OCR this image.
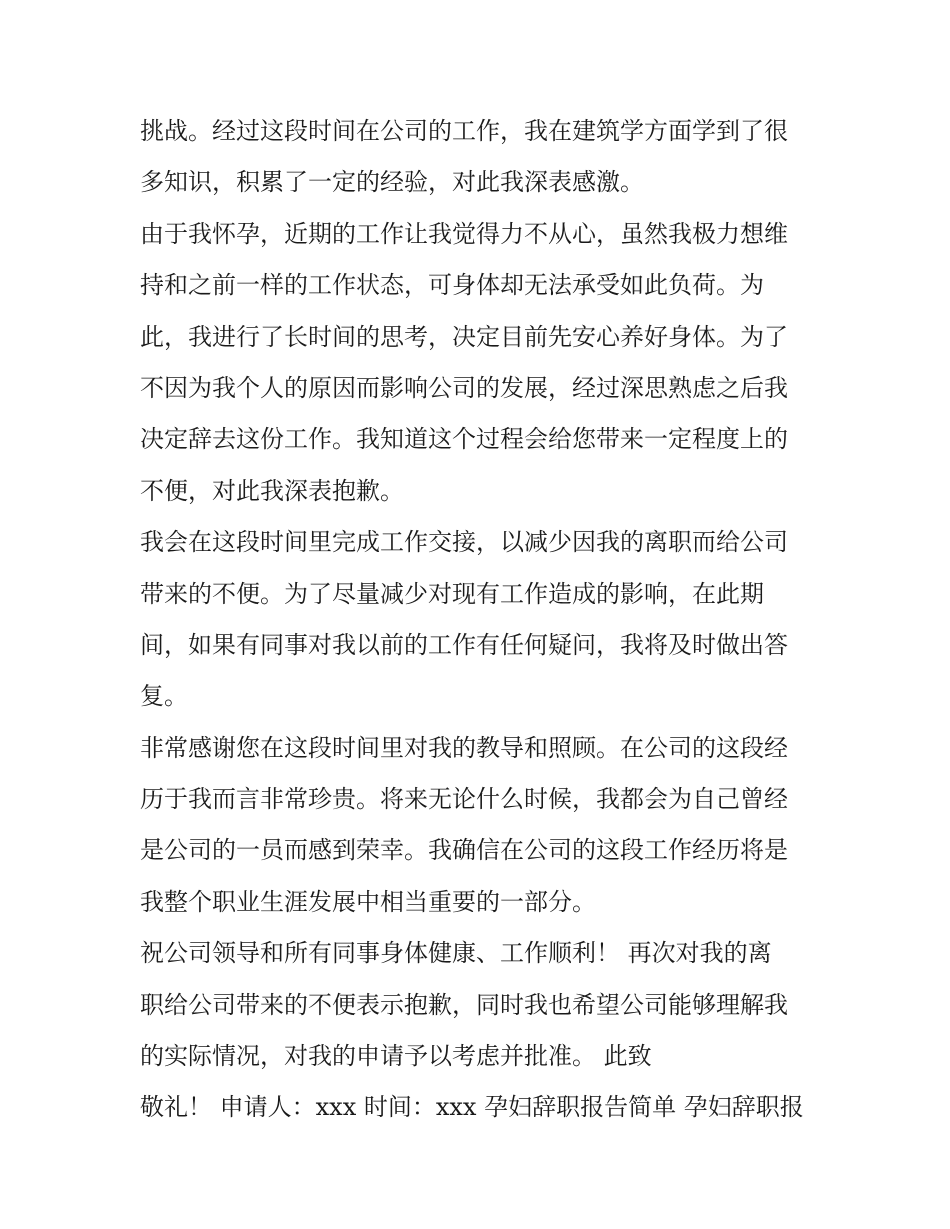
挑战。经过这段时间在公司的工作，我在建筑学方面学到了很
多知识，积累了一定的经验，对此我深表感激。
由于我怀孕，近期的工作让我觉得力不从心，虽然我极力想维
持和之前一样的工作状态，可身体却无法承受如此负荷。为
此，我进行了长时间的思考，决定目前先安心养好身体。为了
不因为我个人的原因而影响公司的发展，经过深思熟虑之后我
决定辞去这份工作。我知道这个过程会给您带来一定程度上的
不便，对此我深表抱歉。
我会在这段时间里完成工作交接，以减少因我的离职而给公司
带来的不便。为了尽量减少对现有工作造成的影响，在此期
间，如果有同事对我以前的工作有任何疑问，我将及时做出答
复。
非常感谢您在这段时间里对我的教导和照顾。在公司的这段经
历于我而言非常珍贵。将来无论什么时候，我都会为自己曾经
是公司的一员而感到荣幸。我确信在公司的这段工作经历将是
我整个职业生涯发展中相当重要的一部分。
祝公司领导和所有同事身体健康、工作顺利！ 再次对我的离
职给公司带来的不便表示抱歉，同时我也希望公司能够理解我
的实际情况，对我的申请予以考虑并批准。 此致
敬礼！ 申请人：xxx 时间：xxx 孕妇辞职报告简单 孕妇辞职报
